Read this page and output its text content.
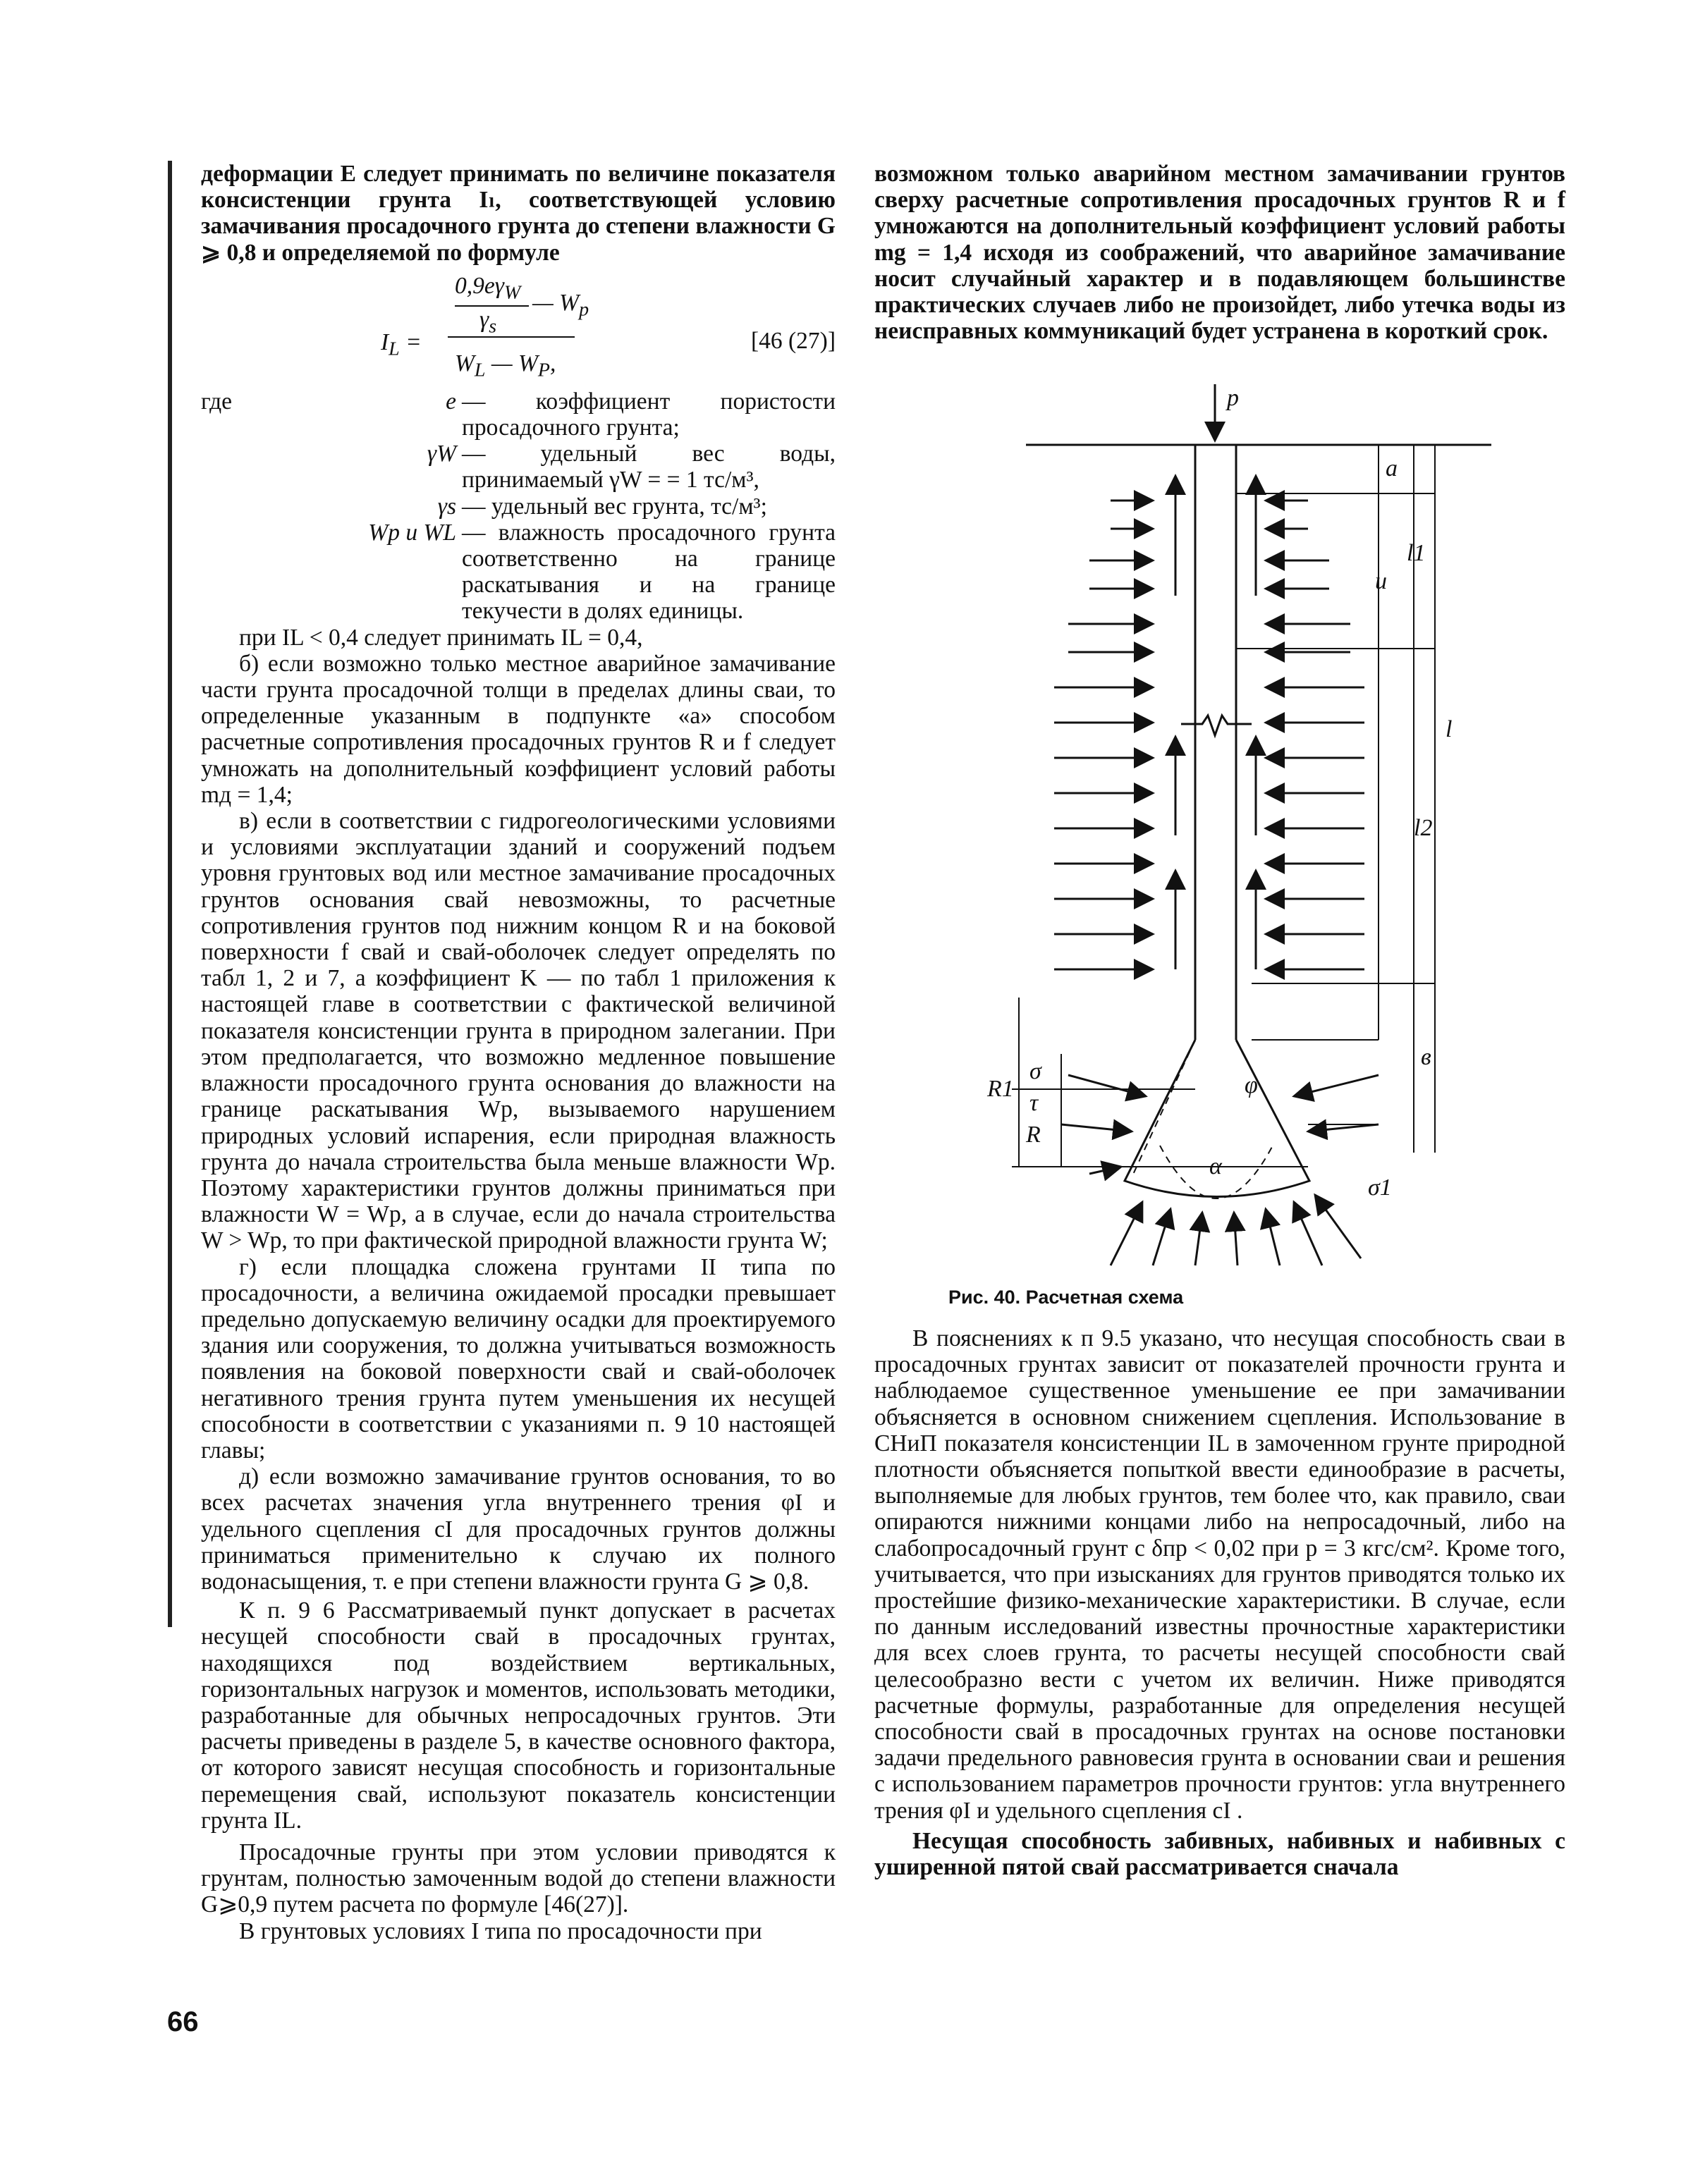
деформации E следует принимать по величине показателя консистенции грунта Iₗ, соответствующей условию замачивания просадочного грунта до степени влажности G ⩾ 0,8 и определяемой по формуле

$0,9e\gamma_W$ — $W_p$
$\gamma_s$
$I_L$ =
$W_L$ — $W_P$,
[46 (27)]
где	e — коэффициент пористости просадочного грунта;
γW — удельный вес воды, принимаемый γW = = 1 тс/м³,
γs — удельный вес грунта, тс/м³;
Wp и WL — влажность просадочного грунта соответственно на границе раскатывания и на границе текучести в долях единицы.

при IL < 0,4 следует принимать IL = 0,4,

б) если возможно только местное аварийное замачивание части грунта просадочной толщи в пределах длины сваи, то определенные указанным в подпункте «а» способом расчетные сопротивления просадочных грунтов R и f следует умножать на дополнительный коэффициент условий работы mд = 1,4;

в) если в соответствии с гидрогеологическими условиями и условиями эксплуатации зданий и сооружений подъем уровня грунтовых вод или местное замачивание просадочных грунтов основания свай невозможны, то расчетные сопротивления грунтов под нижним концом R и на боковой поверхности f свай и свай-оболочек следует определять по табл 1, 2 и 7, а коэффициент K — по табл 1 приложения к настоящей главе в соответствии с фактической величиной показателя консистенции грунта в природном залегании. При этом предполагается, что возможно медленное повышение влажности просадочного грунта основания до влажности на границе раскатывания Wp, вызываемого нарушением природных условий испарения, если природная влажность грунта до начала строительства была меньше влажности Wp. Поэтому характеристики грунтов должны приниматься при влажности W = Wp, а в случае, если до начала строительства W > Wp, то при фактической природной влажности грунта W;

г) если площадка сложена грунтами II типа по просадочности, а величина ожидаемой просадки превышает предельно допускаемую величину осадки для проектируемого здания или сооружения, то должна учитываться возможность появления на боковой поверхности свай и свай-оболочек негативного трения грунта путем уменьшения их несущей способности в соответствии с указаниями п. 9 10 настоящей главы;

д) если возможно замачивание грунтов основания, то во всех расчетах значения угла внутреннего трения φI и удельного сцепления cI для просадочных грунтов должны приниматься применительно к случаю их полного водонасыщения, т. е при степени влажности грунта G ⩾ 0,8.

К п. 9 6 Рассматриваемый пункт допускает в расчетах несущей способности свай в просадочных грунтах, находящихся под воздействием вертикальных, горизонтальных нагрузок и моментов, использовать методики, разработанные для обычных непросадочных грунтов. Эти расчеты приведены в разделе 5, в качестве основного фактора, от которого зависят несущая способность и горизонтальные перемещения свай, используют показатель консистенции грунта IL.

Просадочные грунты при этом условии приводятся к грунтам, полностью замоченным водой до степени влажности G⩾0,9 путем расчета по формуле [46(27)].

В грунтовых условиях I типа по просадочности при

возможном только аварийном местном замачивании грунтов сверху расчетные сопротивления просадочных грунтов R и f умножаются на дополнительный коэффициент условий работы mg = 1,4 исходя из соображений, что аварийное замачивание носит случайный характер и в подавляющем большинстве практических случаев либо не произойдет, либо утечка воды из неисправных коммуникаций будет устранена в короткий срок.

p
a
l1
u
l
l2
в
σ
τ
φ
α
R1
R
σ1
Рис. 40. Расчетная схема

В пояснениях к п 9.5 указано, что несущая способность сваи в просадочных грунтах зависит от показателей прочности грунта и наблюдаемое существенное уменьшение ее при замачивании объясняется в основном снижением сцепления. Использование в СНиП показателя консистенции IL в замоченном грунте природной плотности объясняется попыткой ввести единообразие в расчеты, выполняемые для любых грунтов, тем более что, как правило, сваи опираются нижними концами либо на непросадочный, либо на слабопросадочный грунт с δпр < 0,02 при p = 3 кгс/см². Кроме того, учитывается, что при изысканиях для грунтов приводятся только их простейшие физико-механические характеристики. В случае, если по данным исследований известны прочностные характеристики для всех слоев грунта, то расчеты несущей способности свай целесообразно вести с учетом их величин. Ниже приводятся расчетные формулы, разработанные для определения несущей способности свай в просадочных грунтах на основе постановки задачи предельного равновесия грунта в основании сваи и решения с использованием параметров прочности грунтов: угла внутреннего трения φI и удельного сцепления cI .

Несущая способность забивных, набивных и набивных с уширенной пятой свай рассматривается сначала

66
